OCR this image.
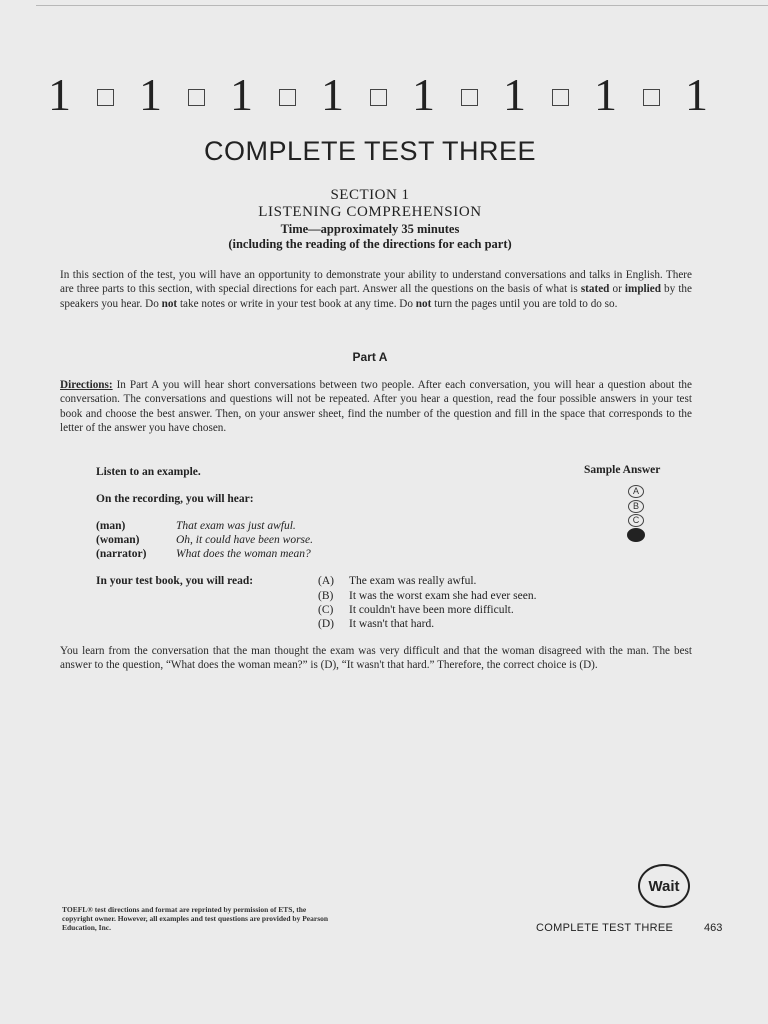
1 1 1 1 1 1 1 1
COMPLETE TEST THREE
SECTION 1
LISTENING COMPREHENSION
Time—approximately 35 minutes
(including the reading of the directions for each part)
In this section of the test, you will have an opportunity to demonstrate your ability to understand conversations and talks in English. There are three parts to this section, with special directions for each part. Answer all the questions on the basis of what is stated or implied by the speakers you hear. Do not take notes or write in your test book at any time. Do not turn the pages until you are told to do so.
Part A
Directions: In Part A you will hear short conversations between two people. After each conversation, you will hear a question about the conversation. The conversations and questions will not be repeated. After you hear a question, read the four possible answers in your test book and choose the best answer. Then, on your answer sheet, find the number of the question and fill in the space that corresponds to the letter of the answer you have chosen.
Listen to an example.	Sample Answer
A
B
C
On the recording, you will hear:
(man)	That exam was just awful.
(woman)	Oh, it could have been worse.
(narrator)	What does the woman mean?
In your test book, you will read:	(A) The exam was really awful.
(B) It was the worst exam she had ever seen.
(C) It couldn't have been more difficult.
(D) It wasn't that hard.
You learn from the conversation that the man thought the exam was very difficult and that the woman disagreed with the man. The best answer to the question, “What does the woman mean?” is (D), “It wasn't that hard.” Therefore, the correct choice is (D).
Wait
TOEFL® test directions and format are reprinted by permission of ETS, the copyright owner. However, all examples and test questions are provided by Pearson Education, Inc.	COMPLETE TEST THREE	463
